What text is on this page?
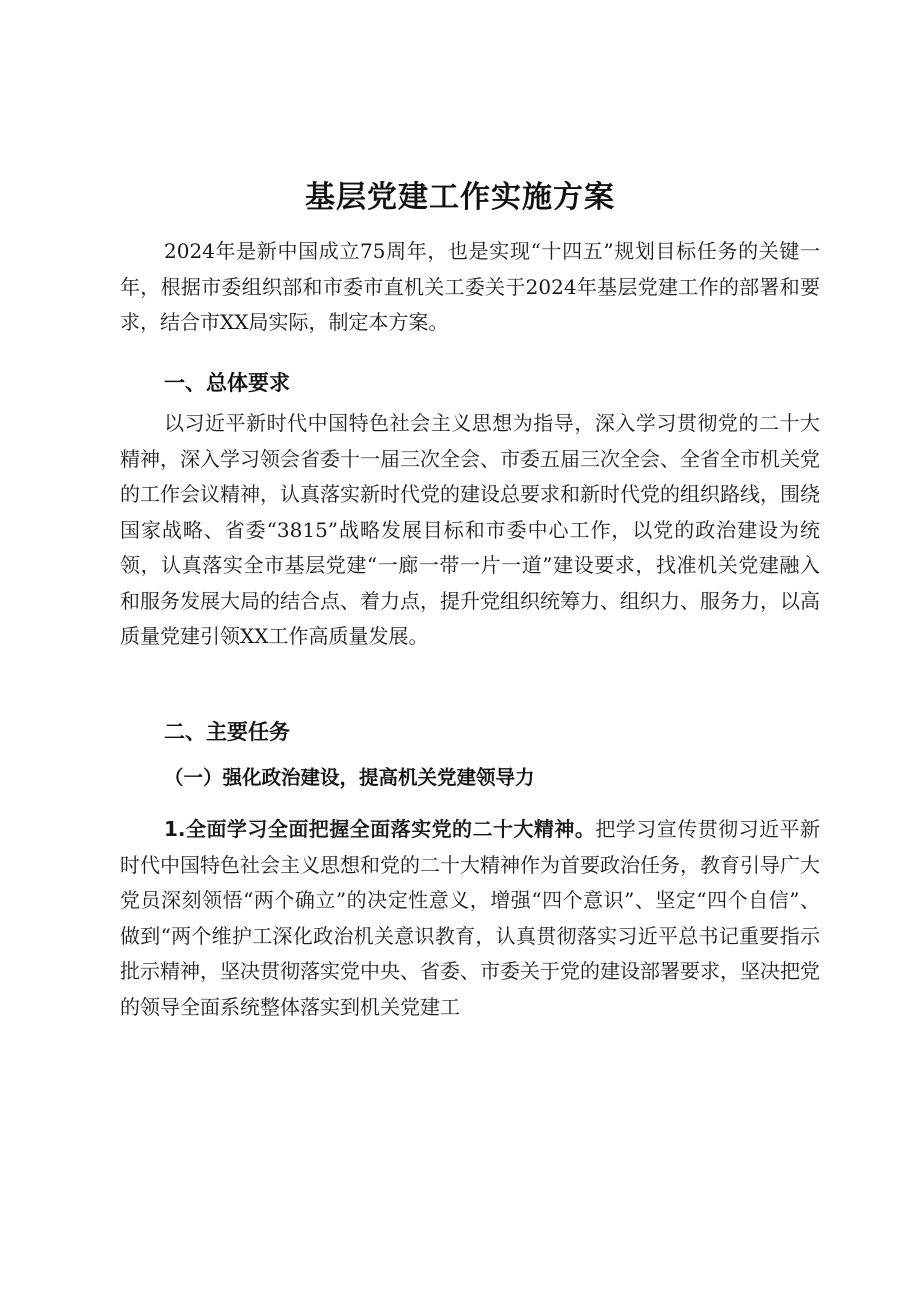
基层党建工作实施方案

2024年是新中国成立75周年，也是实现“十四五”规划目标任务的关键一年，根据市委组织部和市委市直机关工委关于2024年基层党建工作的部署和要求，结合市XX局实际，制定本方案。

一、总体要求

以习近平新时代中国特色社会主义思想为指导，深入学习贯彻党的二十大精神，深入学习领会省委十一届三次全会、市委五届三次全会、全省全市机关党的工作会议精神，认真落实新时代党的建设总要求和新时代党的组织路线，围绕国家战略、省委“3815”战略发展目标和市委中心工作，以党的政治建设为统领，认真落实全市基层党建“一廊一带一片一道”建设要求，找准机关党建融入和服务发展大局的结合点、着力点，提升党组织统筹力、组织力、服务力，以高质量党建引领XX工作高质量发展。

二、主要任务
（一）强化政治建设，提高机关党建领导力

1.全面学习全面把握全面落实党的二十大精神。把学习宣传贯彻习近平新时代中国特色社会主义思想和党的二十大精神作为首要政治任务，教育引导广大党员深刻领悟“两个确立”的决定性意义，增强“四个意识”、坚定“四个自信”、做到“两个维护工深化政治机关意识教育，认真贯彻落实习近平总书记重要指示批示精神，坚决贯彻落实党中央、省委、市委关于党的建设部署要求，坚决把党的领导全面系统整体落实到机关党建工
